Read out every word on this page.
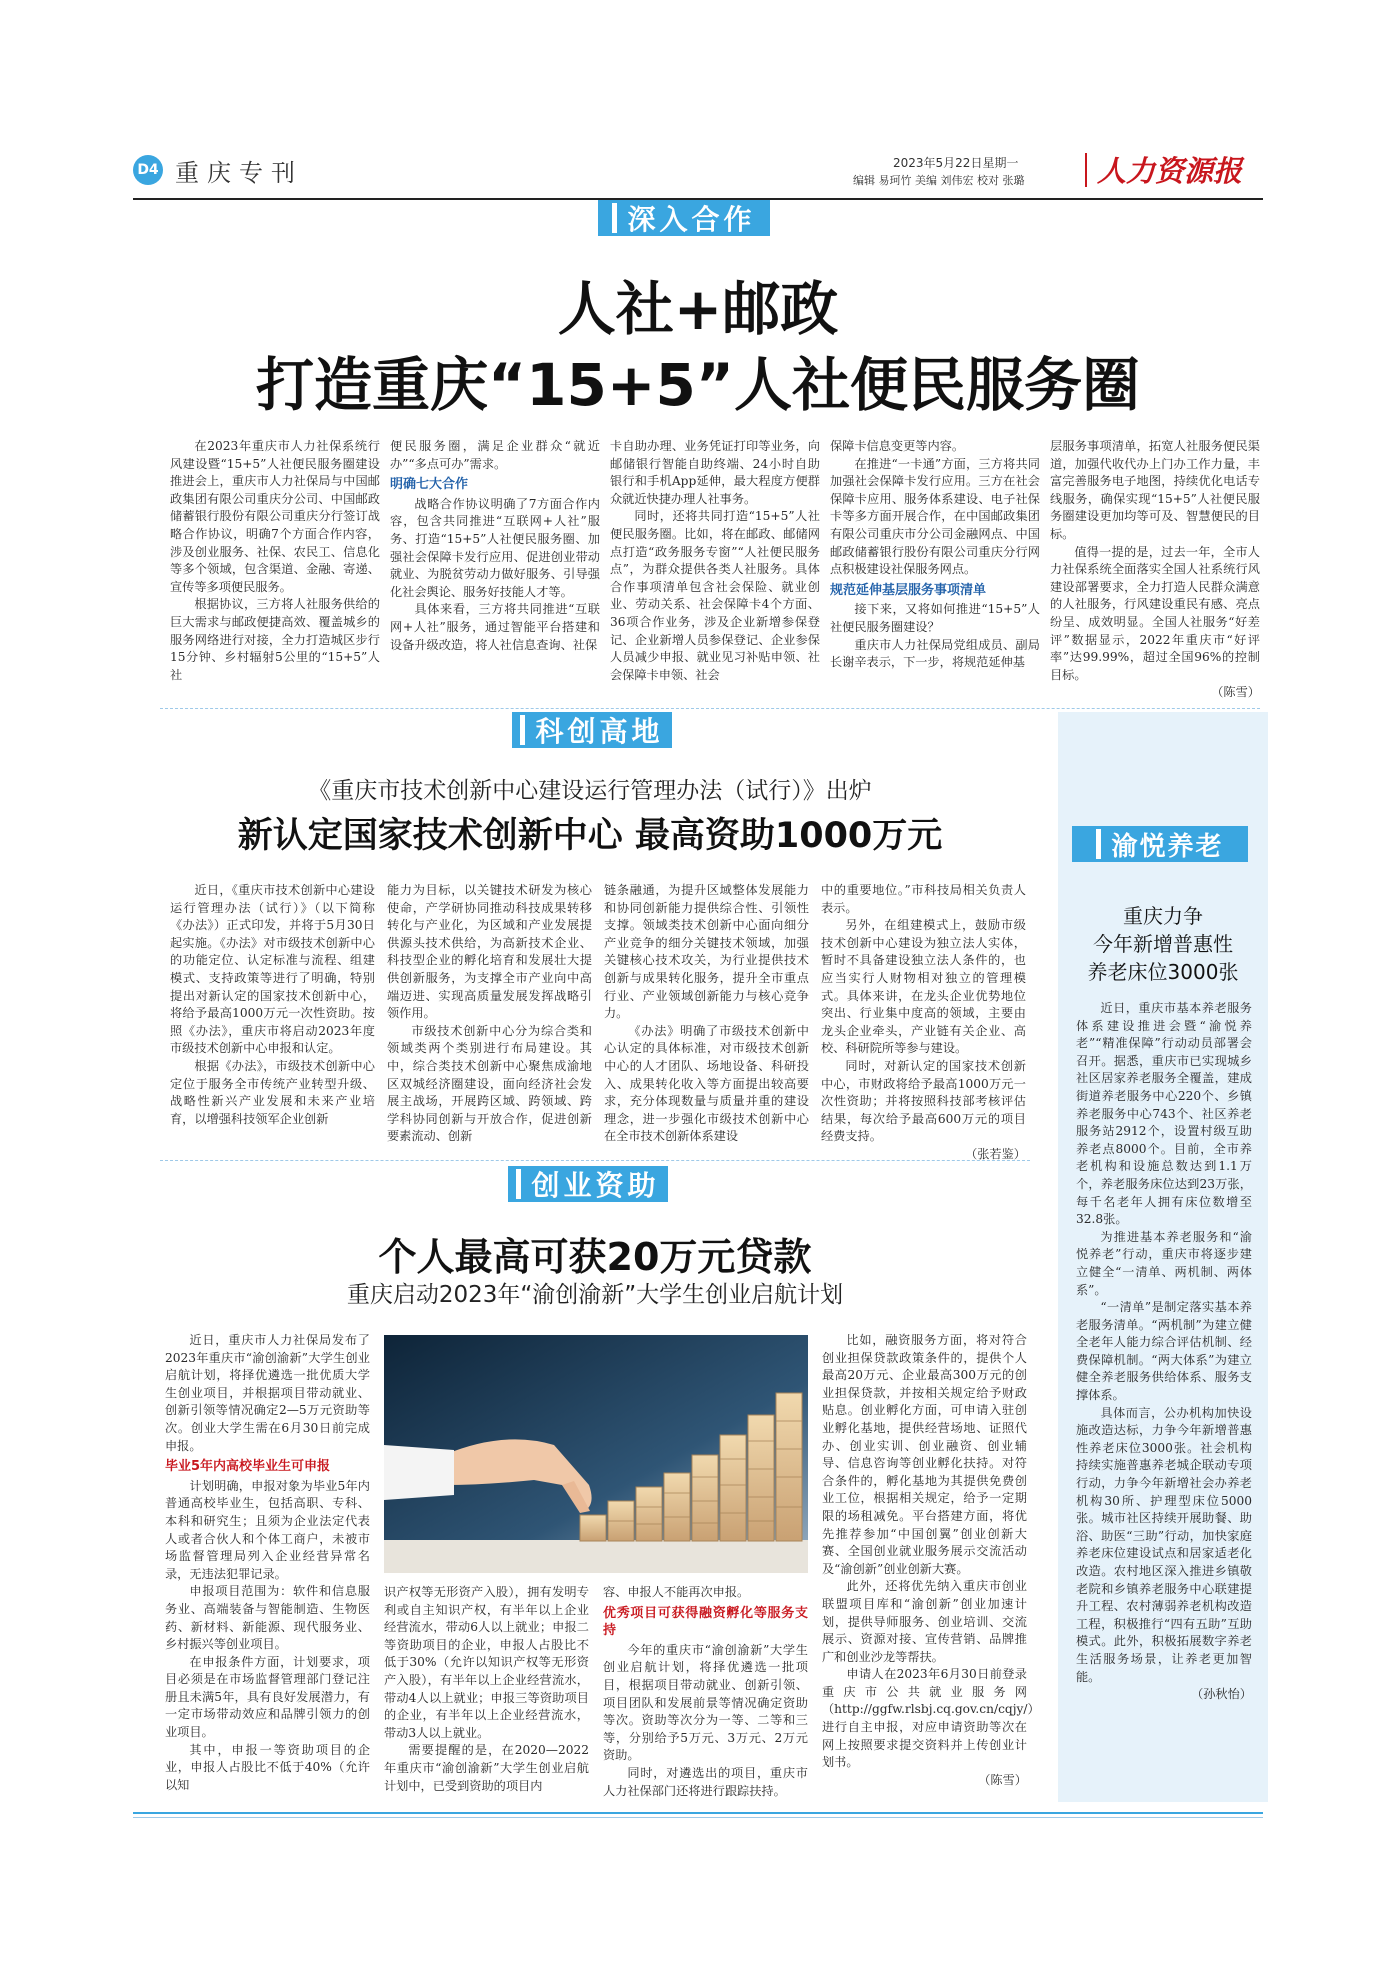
D4 重庆专刊	2023年5月22日星期一
编辑 易珂竹 美编 刘伟宏 校对 张璐	人力资源报
深入合作
人社+邮政
打造重庆“15+5”人社便民服务圈

在2023年重庆市人力社保系统行风建设暨“15+5”人社便民服务圈建设推进会上，重庆市人力社保局与中国邮政集团有限公司重庆分公司、中国邮政储蓄银行股份有限公司重庆分行签订战略合作协议，明确7个方面合作内容，涉及创业服务、社保、农民工、信息化等多个领域，包含渠道、金融、寄递、宣传等多项便民服务。

根据协议，三方将人社服务供给的巨大需求与邮政便捷高效、覆盖城乡的服务网络进行对接，全力打造城区步行15分钟、乡村辐射5公里的“15+5”人社

便民服务圈，满足企业群众“就近办”“多点可办”需求。

明确七大合作

战略合作协议明确了7方面合作内容，包含共同推进“互联网+人社”服务、打造“15+5”人社便民服务圈、加强社会保障卡发行应用、促进创业带动就业、为脱贫劳动力做好服务、引导强化社会舆论、服务好技能人才等。

具体来看，三方将共同推进“互联网+人社”服务，通过智能平台搭建和设备升级改造，将人社信息查询、社保

卡自助办理、业务凭证打印等业务，向邮储银行智能自助终端、24小时自助银行和手机App延伸，最大程度方便群众就近快捷办理人社事务。

同时，还将共同打造“15+5”人社便民服务圈。比如，将在邮政、邮储网点打造“政务服务专窗”“人社便民服务点”，为群众提供各类人社服务。具体合作事项清单包含社会保险、就业创业、劳动关系、社会保障卡4个方面、36项合作业务，涉及企业新增参保登记、企业新增人员参保登记、企业参保人员减少申报、就业见习补贴申领、社会保障卡申领、社会

保障卡信息变更等内容。

在推进“一卡通”方面，三方将共同加强社会保障卡发行应用。三方在社会保障卡应用、服务体系建设、电子社保卡等多方面开展合作，在中国邮政集团有限公司重庆市分公司金融网点、中国邮政储蓄银行股份有限公司重庆分行网点积极建设社保服务网点。

规范延伸基层服务事项清单

接下来，又将如何推进“15+5”人社便民服务圈建设？

重庆市人力社保局党组成员、副局长谢辛表示，下一步，将规范延伸基

层服务事项清单，拓宽人社服务便民渠道，加强代收代办上门办工作力量，丰富完善服务电子地图，持续优化电话专线服务，确保实现“15+5”人社便民服务圈建设更加均等可及、智慧便民的目标。

值得一提的是，过去一年，全市人力社保系统全面落实全国人社系统行风建设部署要求，全力打造人民群众满意的人社服务，行风建设重民有感、亮点纷呈、成效明显。全国人社服务“好差评”数据显示，2022年重庆市“好评率”达99.99%，超过全国96%的控制目标。

（陈雪）
科创高地
《重庆市技术创新中心建设运行管理办法（试行）》出炉
新认定国家技术创新中心 最高资助1000万元

近日，《重庆市技术创新中心建设运行管理办法（试行）》（以下简称《办法》）正式印发，并将于5月30日起实施。《办法》对市级技术创新中心的功能定位、认定标准与流程、组建模式、支持政策等进行了明确，特别提出对新认定的国家技术创新中心，将给予最高1000万元一次性资助。按照《办法》，重庆市将启动2023年度市级技术创新中心申报和认定。

根据《办法》，市级技术创新中心定位于服务全市传统产业转型升级、战略性新兴产业发展和未来产业培育，以增强科技领军企业创新

能力为目标，以关键技术研发为核心使命，产学研协同推动科技成果转移转化与产业化，为区域和产业发展提供源头技术供给，为高新技术企业、科技型企业的孵化培育和发展壮大提供创新服务，为支撑全市产业向中高端迈进、实现高质量发展发挥战略引领作用。

市级技术创新中心分为综合类和领域类两个类别进行布局建设。其中，综合类技术创新中心聚焦成渝地区双城经济圈建设，面向经济社会发展主战场，开展跨区域、跨领域、跨学科协同创新与开放合作，促进创新要素流动、创新

链条融通，为提升区域整体发展能力和协同创新能力提供综合性、引领性支撑。领域类技术创新中心面向细分产业竞争的细分关键技术领域，加强关键核心技术攻关，为行业提供技术创新与成果转化服务，提升全市重点行业、产业领域创新能力与核心竞争力。

《办法》明确了市级技术创新中心认定的具体标准，对市级技术创新中心的人才团队、场地设备、科研投入、成果转化收入等方面提出较高要求，充分体现数量与质量并重的建设理念，进一步强化市级技术创新中心在全市技术创新体系建设

中的重要地位。”市科技局相关负责人表示。

另外，在组建模式上，鼓励市级技术创新中心建设为独立法人实体，暂时不具备建设独立法人条件的，也应当实行人财物相对独立的管理模式。具体来讲，在龙头企业优势地位突出、行业集中度高的领域，主要由龙头企业牵头，产业链有关企业、高校、科研院所等参与建设。

同时，对新认定的国家技术创新中心，市财政将给予最高1000万元一次性资助；并将按照科技部考核评估结果，每次给予最高600万元的项目经费支持。

（张若鉴）
创业资助
个人最高可获20万元贷款
重庆启动2023年“渝创渝新”大学生创业启航计划

近日，重庆市人力社保局发布了2023年重庆市“渝创渝新”大学生创业启航计划，将择优遴选一批优质大学生创业项目，并根据项目带动就业、创新引领等情况确定2—5万元资助等次。创业大学生需在6月30日前完成申报。

毕业5年内高校毕业生可申报

计划明确，申报对象为毕业5年内普通高校毕业生，包括高职、专科、本科和研究生；且须为企业法定代表人或者合伙人和个体工商户，未被市场监督管理局列入企业经营异常名录，无违法犯罪记录。

申报项目范围为：软件和信息服务业、高端装备与智能制造、生物医药、新材料、新能源、现代服务业、乡村振兴等创业项目。

在申报条件方面，计划要求，项目必须是在市场监督管理部门登记注册且未满5年，具有良好发展潜力，有一定市场带动效应和品牌引领力的创业项目。

其中，申报一等资助项目的企业，申报人占股比不低于40%（允许以知

识产权等无形资产入股），拥有发明专利或自主知识产权，有半年以上企业经营流水，带动6人以上就业；申报二等资助项目的企业，申报人占股比不低于30%（允许以知识产权等无形资产入股），有半年以上企业经营流水，带动4人以上就业；申报三等资助项目的企业，有半年以上企业经营流水，带动3人以上就业。

需要提醒的是，在2020—2022年重庆市“渝创渝新”大学生创业启航计划中，已受到资助的项目内

容、申报人不能再次申报。

优秀项目可获得融资孵化等服务支持

今年的重庆市“渝创渝新”大学生创业启航计划，将择优遴选一批项目，根据项目带动就业、创新引领、项目团队和发展前景等情况确定资助等次。资助等次分为一等、二等和三等，分别给予5万元、3万元、2万元资助。

同时，对遴选出的项目，重庆市人力社保部门还将进行跟踪扶持。

比如，融资服务方面，将对符合创业担保贷款政策条件的，提供个人最高20万元、企业最高300万元的创业担保贷款，并按相关规定给予财政贴息。创业孵化方面，可申请入驻创业孵化基地，提供经营场地、证照代办、创业实训、创业融资、创业辅导、信息咨询等创业孵化扶持。对符合条件的，孵化基地为其提供免费创业工位，根据相关规定，给予一定期限的场租减免。平台搭建方面，将优先推荐参加“中国创翼”创业创新大赛、全国创业就业服务展示交流活动及“渝创新”创业创新大赛。

此外，还将优先纳入重庆市创业联盟项目库和“渝创新”创业加速计划，提供导师服务、创业培训、交流展示、资源对接、宣传营销、品牌推广和创业沙龙等帮扶。

申请人在2023年6月30日前登录重庆市公共就业服务网（http://ggfw.rlsbj.cq.gov.cn/cqjy/）进行自主申报，对应申请资助等次在网上按照要求提交资料并上传创业计划书。

（陈雪）
渝悦养老
重庆力争
今年新增普惠性
养老床位3000张

近日，重庆市基本养老服务体系建设推进会暨“渝悦养老”“精准保障”行动动员部署会召开。据悉，重庆市已实现城乡社区居家养老服务全覆盖，建成街道养老服务中心220个、乡镇养老服务中心743个、社区养老服务站2912个，设置村级互助养老点8000个。目前，全市养老机构和设施总数达到1.1万个，养老服务床位达到23万张，每千名老年人拥有床位数增至32.8张。

为推进基本养老服务和“渝悦养老”行动，重庆市将逐步建立健全“一清单、两机制、两体系”。

“一清单”是制定落实基本养老服务清单。“两机制”为建立健全老年人能力综合评估机制、经费保障机制。“两大体系”为建立健全养老服务供给体系、服务支撑体系。

具体而言，公办机构加快设施改造达标，力争今年新增普惠性养老床位3000张。社会机构持续实施普惠养老城企联动专项行动，力争今年新增社会办养老机构30所、护理型床位5000张。城市社区持续开展助餐、助浴、助医“三助”行动，加快家庭养老床位建设试点和居家适老化改造。农村地区深入推进乡镇敬老院和乡镇养老服务中心联建提升工程、农村薄弱养老机构改造工程，积极推行“四有五助”互助模式。此外，积极拓展数字养老生活服务场景，让养老更加智能。

（孙秋怡）
